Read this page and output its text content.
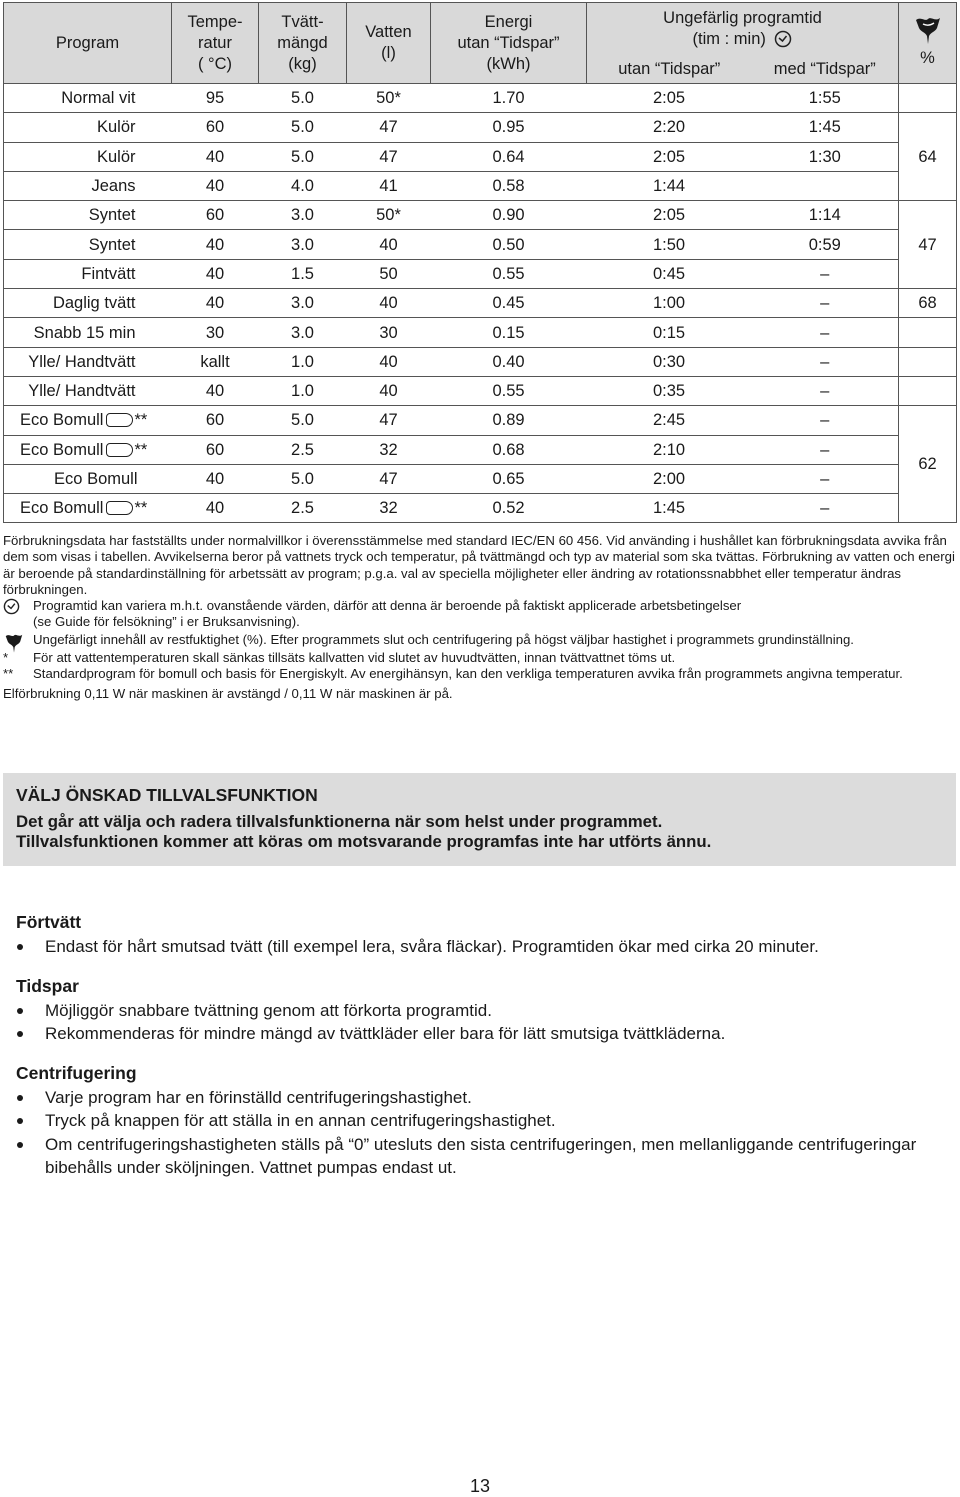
Program	Tempe-
ratur
( °C)	Tvätt-
mängd
(kg)	Vatten
(l)	Energi
utan “Tidspar”
(kWh)	Ungefärlig programtid
(tim : min)		%
					utan “Tidspar”	med “Tidspar”	
Normal vit	95	5.0	50*	1.70	2:05	1:55	
Kulör	60	5.0	47	0.95	2:20	1:45	64
Kulör	40	5.0	47	0.64	2:05	1:30	
Jeans	40	4.0	41	0.58	1:44		
Syntet	60	3.0	50*	0.90	2:05	1:14	47
Syntet	40	3.0	40	0.50	1:50	0:59	
Fintvätt	40	1.5	50	0.55	0:45	–	
Daglig tvätt	40	3.0	40	0.45	1:00	–	68
Snabb 15 min	30	3.0	30	0.15	0:15	–	
Ylle/ Handtvätt	kallt	1.0	40	0.40	0:30	–	
Ylle/ Handtvätt	40	1.0	40	0.55	0:35	–	
Eco Bomull **	60	5.0	47	0.89	2:45	–	62
Eco Bomull **	60	2.5	32	0.68	2:10	–	
Eco Bomull	40	5.0	47	0.65	2:00	–	
Eco Bomull **	40	2.5	32	0.52	1:45	–	

Förbrukningsdata har fastställts under normalvillkor i överensstämmelse med standard IEC/EN 60 456. Vid använding i hushållet kan förbrukningsdata avvika från dem som visas i tabellen. Avvikelserna beror på vattnets tryck och temperatur, på tvättmängd och typ av material som ska tvättas. Förbrukning av vatten och energi är beroende på standardinställning för arbetssätt av program; p.g.a. val av speciella möjligheter eller ändring av rotationssnabbhet eller temperatur ändras förbrukningen.

Programtid kan variera m.h.t. ovanstående värden, därför att denna är beroende på faktiskt applicerade arbetsbetingelser
(se Guide för felsökning” i er Bruksanvisning).
Ungefärligt innehåll av restfuktighet (%). Efter programmets slut och centrifugering på högst väljbar hastighet i programmets grundinställning.
*	För att vattentemperaturen skall sänkas tillsäts kallvatten vid slutet av huvudtvätten, innan tvättvattnet töms ut.
**	Standardprogram för bomull och basis för Energiskylt. Av energihänsyn, kan den verkliga temperaturen avvika från programmets angivna temperatur.

Elförbrukning 0,11 W när maskinen är avstängd / 0,11 W när maskinen är på.

VÄLJ ÖNSKAD TILLVALSFUNKTION
Det går att välja och radera tillvalsfunktionerna när som helst under programmet.
Tillvalsfunktionen kommer att köras om motsvarande programfas inte har utförts ännu.
Förtvätt
Endast för hårt smutsad tvätt (till exempel lera, svåra fläckar). Programtiden ökar med cirka 20 minuter.
Tidspar
Möjliggör snabbare tvättning genom att förkorta programtid.
Rekommenderas för mindre mängd av tvättkläder eller bara för lätt smutsiga tvättkläderna.
Centrifugering
Varje program har en förinställd centrifugeringshastighet.
Tryck på knappen för att ställa in en annan centrifugeringshastighet.
Om centrifugeringshastigheten ställs på “0” utesluts den sista centrifugeringen, men mellanliggande centrifugeringar bibehålls under sköljningen. Vattnet pumpas endast ut.
13
